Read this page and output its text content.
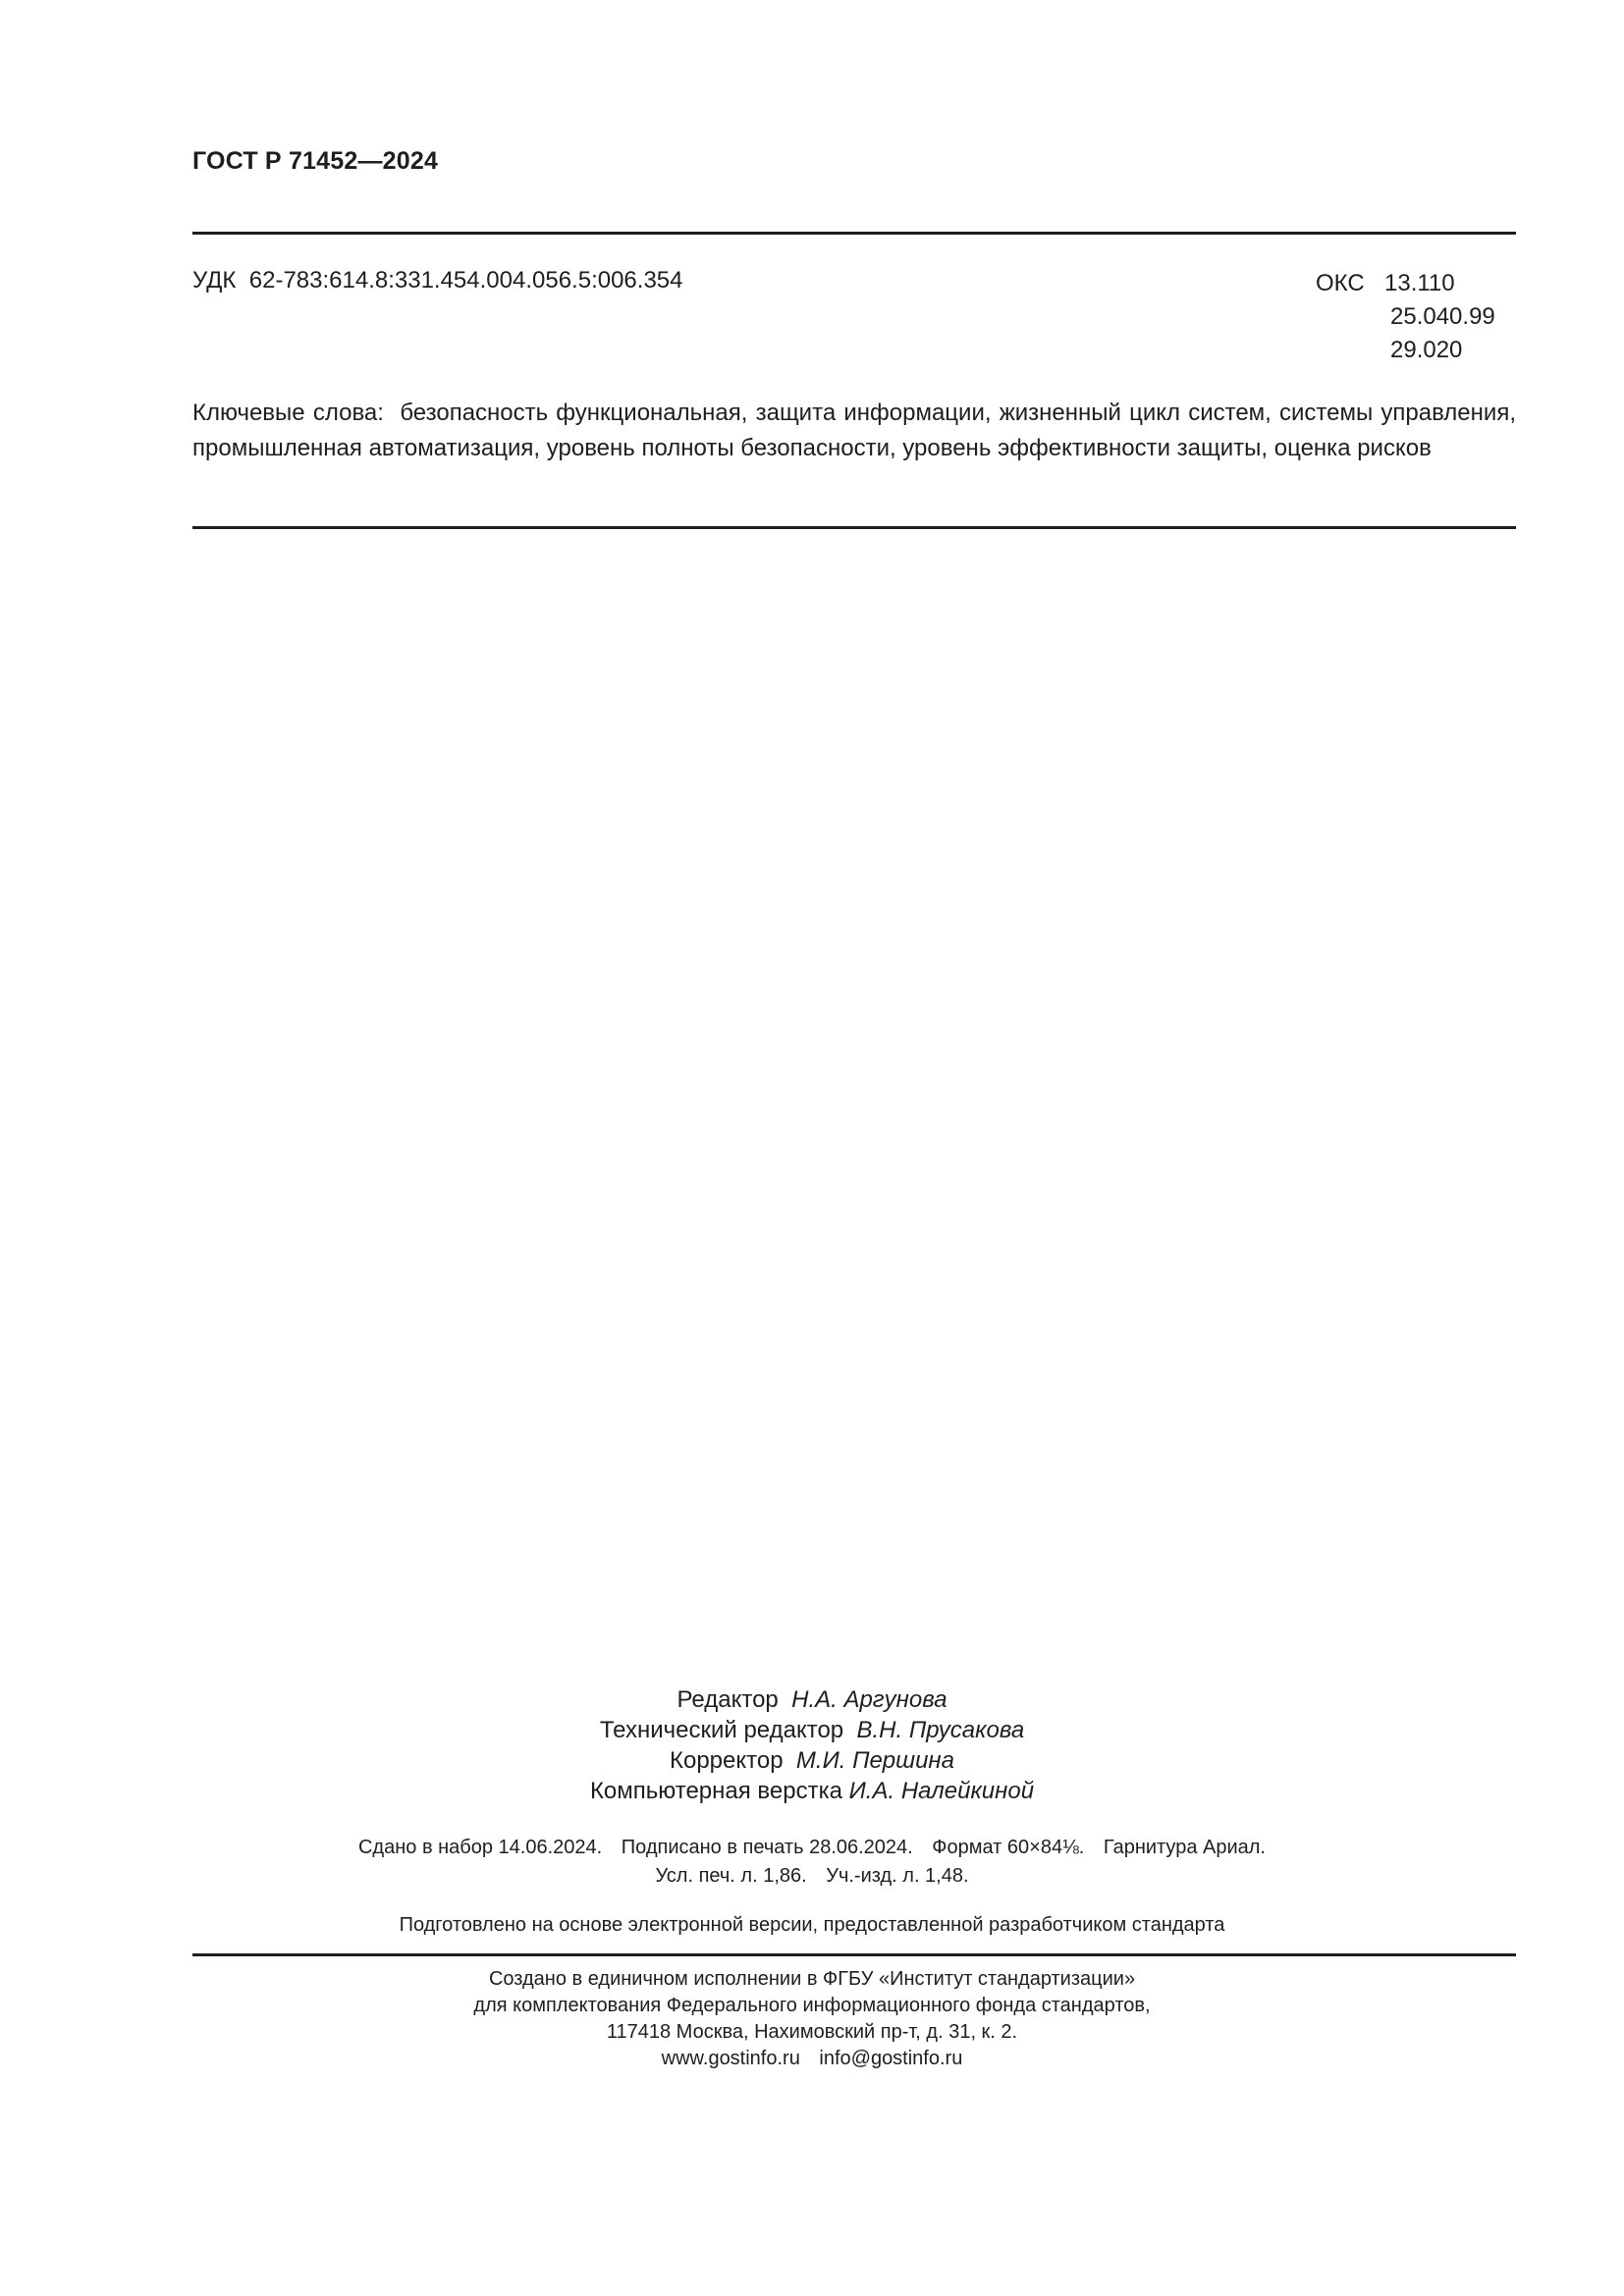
ГОСТ Р 71452—2024
УДК 62-783:614.8:331.454.004.056.5:006.354	ОКС 13.110
25.040.99
29.020
Ключевые слова: безопасность функциональная, защита информации, жизненный цикл систем, системы управления, промышленная автоматизация, уровень полноты безопасности, уровень эффективности защиты, оценка рисков
Редактор Н.А. Аргунова
Технический редактор В.Н. Прусакова
Корректор М.И. Першина
Компьютерная верстка И.А. Налейкиной
Сдано в набор 14.06.2024. Подписано в печать 28.06.2024. Формат 60×84⅛. Гарнитура Ариал.
Усл. печ. л. 1,86. Уч.-изд. л. 1,48.
Подготовлено на основе электронной версии, предоставленной разработчиком стандарта
Создано в единичном исполнении в ФГБУ «Институт стандартизации»
для комплектования Федерального информационного фонда стандартов,
117418 Москва, Нахимовский пр-т, д. 31, к. 2.
www.gostinfo.ru info@gostinfo.ru
